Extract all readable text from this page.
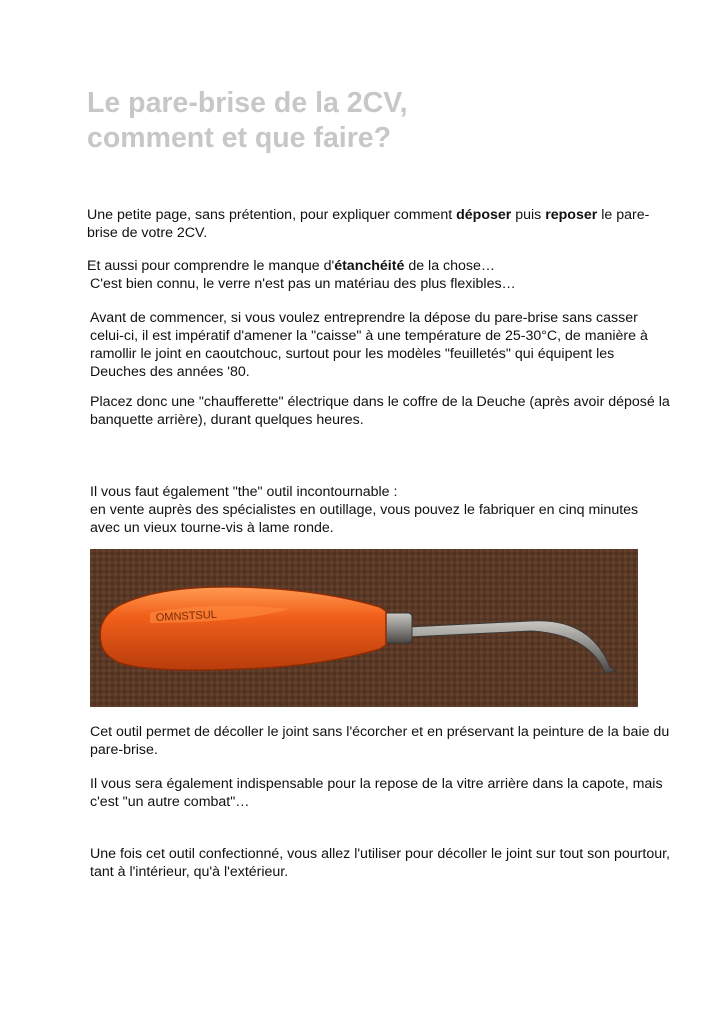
Le pare-brise de la 2CV,
comment et que faire?

Une petite page, sans prétention, pour expliquer comment déposer puis reposer le pare-
brise de votre 2CV.

Et aussi pour comprendre le manque d'étanchéité de la chose…
C'est bien connu, le verre n'est pas un matériau des plus flexibles…

Avant de commencer, si vous voulez entreprendre la dépose du pare-brise sans casser
celui-ci, il est impératif d'amener la "caisse" à une température de 25-30°C, de manière à
ramollir le joint en caoutchouc, surtout pour les modèles "feuilletés" qui équipent les
Deuches des années '80.

Placez donc une "chaufferette" électrique dans le coffre de la Deuche (après avoir déposé la
banquette arrière), durant quelques heures.

Il vous faut également "the" outil incontournable :
en vente auprès des spécialistes en outillage, vous pouvez le fabriquer en cinq minutes
avec un vieux tourne-vis à lame ronde.

OMNSTSUL

Cet outil permet de décoller le joint sans l'écorcher et en préservant la peinture de la baie du
pare-brise.

Il vous sera également indispensable pour la repose de la vitre arrière dans la capote, mais
c'est "un autre combat"…

Une fois cet outil confectionné, vous allez l'utiliser pour décoller le joint sur tout son pourtour,
tant à l'intérieur, qu'à l'extérieur.
